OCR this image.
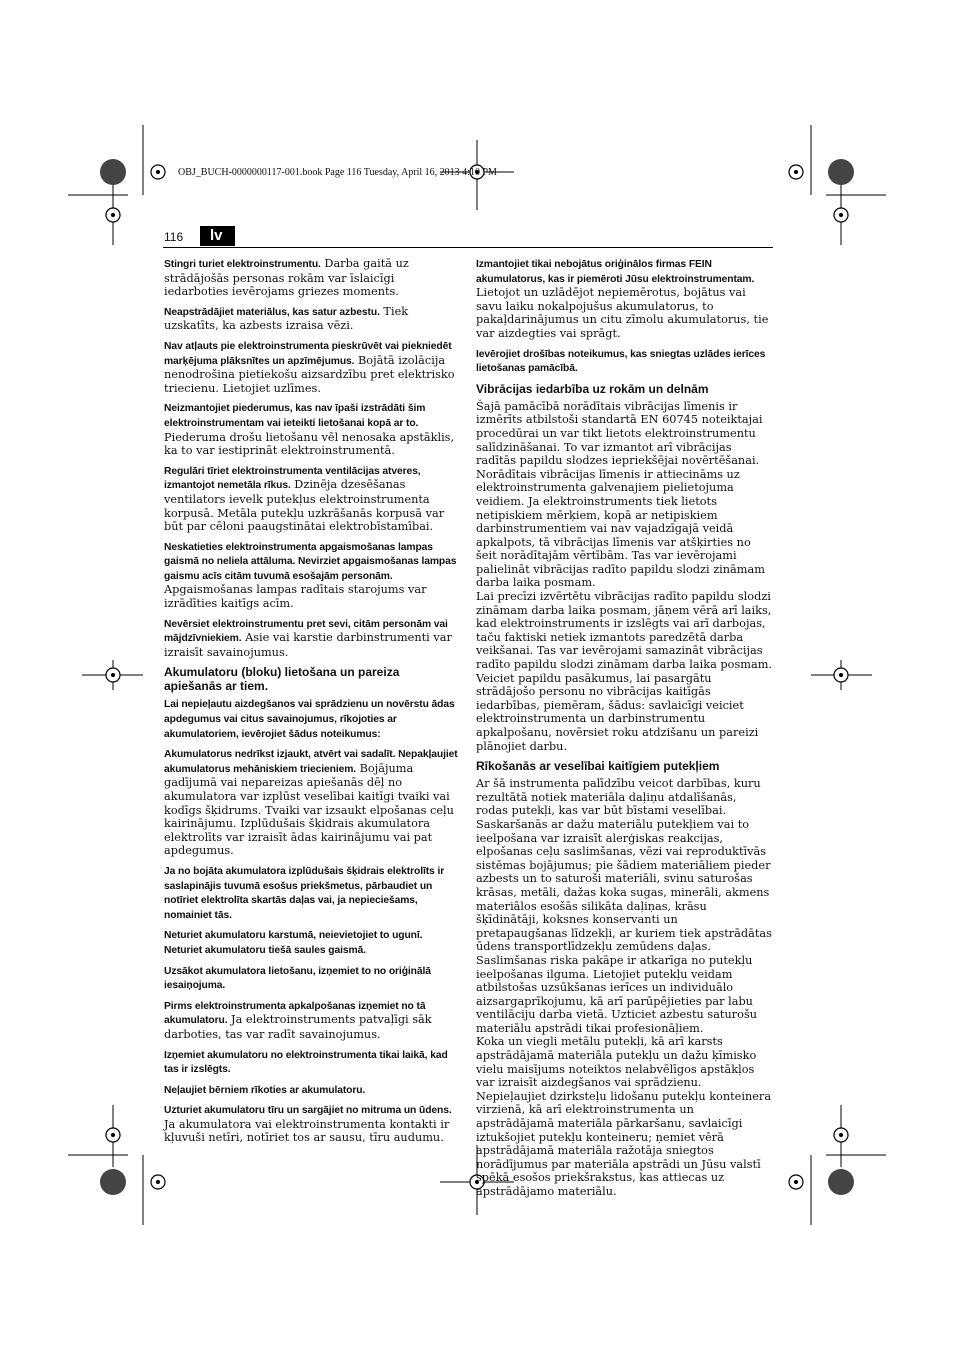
OBJ_BUCH-0000000117-001.book Page 116 Tuesday, April 16, 2013 4:10 PM
116	lv

Stingri turiet elektroinstrumentu. Darba gaitā uz strādājošās personas rokām var īslaicīgi iedarboties ievērojams griezes moments.

Neapstrādājiet materiālus, kas satur azbestu. Tiek uzskatīts, ka azbests izraisa vēzi.

Nav atļauts pie elektroinstrumenta pieskrūvēt vai piekniedēt marķējuma plāksnītes un apzīmējumus. Bojātā izolācija nenodrošina pietiekošu aizsardzību pret elektrisko triecienu. Lietojiet uzlīmes.

Neizmantojiet piederumus, kas nav īpaši izstrādāti šim elektroinstrumentam vai ieteikti lietošanai kopā ar to. Piederuma drošu lietošanu vēl nenosaka apstāklis, ka to var iestiprināt elektroinstrumentā.

Regulāri tīriet elektroinstrumenta ventilācijas atveres, izmantojot nemetāla rīkus. Dzinēja dzesēšanas ventilators ievelk putekļus elektroinstrumenta korpusā. Metāla putekļu uzkrāšanās korpusā var būt par cēloni paaugstinātai elektrobīstamībai.

Neskatieties elektroinstrumenta apgaismošanas lampas gaismā no neliela attāluma. Nevirziet apgaismošanas lampas gaismu acīs citām tuvumā esošajām personām. Apgaismošanas lampas radītais starojums var izrādīties kaitīgs acīm.

Nevērsiet elektroinstrumentu pret sevi, citām personām vai mājdzīvniekiem. Asie vai karstie darbinstrumenti var izraisīt savainojumus.

Akumulatoru (bloku) lietošana un pareiza apiešanās ar tiem.

Lai nepieļautu aizdegšanos vai sprādzienu un novērstu ādas apdegumus vai citus savainojumus, rīkojoties ar akumulatoriem, ievērojiet šādus noteikumus:

Akumulatorus nedrīkst izjaukt, atvērt vai sadalīt. Nepakļaujiet akumulatorus mehāniskiem triecieniem. Bojājuma gadījumā vai nepareizas apiešanās dēļ no akumulatora var izplūst veselībai kaitīgi tvaiki vai kodīgs šķidrums. Tvaiki var izsaukt elpošanas ceļu kairinājumu. Izplūdušais šķidrais akumulatora elektrolīts var izraisīt ādas kairinājumu vai pat apdegumus.

Ja no bojāta akumulatora izplūdušais šķidrais elektrolīts ir saslapinājis tuvumā esošus priekšmetus, pārbaudiet un notīriet elektrolīta skartās daļas vai, ja nepieciešams, nomainiet tās.

Neturiet akumulatoru karstumā, neievietojiet to ugunī. Neturiet akumulatoru tiešā saules gaismā.

Uzsākot akumulatora lietošanu, izņemiet to no oriģinālā iesaiņojuma.

Pirms elektroinstrumenta apkalpošanas izņemiet no tā akumulatoru. Ja elektroinstruments patvaļīgi sāk darboties, tas var radīt savainojumus.

Izņemiet akumulatoru no elektroinstrumenta tikai laikā, kad tas ir izslēgts.

Neļaujiet bērniem rīkoties ar akumulatoru.

Uzturiet akumulatoru tīru un sargājiet no mitruma un ūdens. Ja akumulatora vai elektroinstrumenta kontakti ir kļuvuši netīri, notīriet tos ar sausu, tīru audumu.

Izmantojiet tikai nebojātus oriģinālos firmas FEIN akumulatorus, kas ir piemēroti Jūsu elektroinstrumentam. Lietojot un uzlādējot nepiemērotus, bojātus vai savu laiku nokalpojušus akumulatorus, to pakaļdarinājumus un citu zīmolu akumulatorus, tie var aizdegties vai sprāgt.

Ievērojiet drošības noteikumus, kas sniegtas uzlādes ierīces lietošanas pamācībā.

Vibrācijas iedarbība uz rokām un delnām

Šajā pamācībā norādītais vibrācijas līmenis ir izmērīts atbilstoši standartā EN 60745 noteiktajai procedūrai un var tikt lietots elektroinstrumentu salīdzināšanai. To var izmantot arī vibrācijas radītās papildu slodzes iepriekšējai novērtēšanai.

Norādītais vibrācijas līmenis ir attiecināms uz elektroinstrumenta galvenajiem pielietojuma veidiem. Ja elektroinstruments tiek lietots netipiskiem mērķiem, kopā ar netipiskiem darbinstrumentiem vai nav vajadzīgajā veidā apkalpots, tā vibrācijas līmenis var atšķirties no šeit norādītajām vērtībām. Tas var ievērojami palielināt vibrācijas radīto papildu slodzi zināmam darba laika posmam.

Lai precīzi izvērtētu vibrācijas radīto papildu slodzi zināmam darba laika posmam, jāņem vērā arī laiks, kad elektroinstruments ir izslēgts vai arī darbojas, taču faktiski netiek izmantots paredzētā darba veikšanai. Tas var ievērojami samazināt vibrācijas radīto papildu slodzi zināmam darba laika posmam.

Veiciet papildu pasākumus, lai pasargātu strādājošo personu no vibrācijas kaitīgās iedarbības, piemēram, šādus: savlaicīgi veiciet elektroinstrumenta un darbinstrumentu apkalpošanu, novērsiet roku atdzišanu un pareizi plānojiet darbu.

Rīkošanās ar veselībai kaitīgiem putekļiem

Ar šā instrumenta palīdzību veicot darbības, kuru rezultātā notiek materiāla daļiņu atdalīšanās, rodas putekļi, kas var būt bīstami veselībai.

Saskaršanās ar dažu materiālu putekļiem vai to ieelpošana var izraisīt alerģiskas reakcijas, elpošanas ceļu saslimšanas, vēzi vai reproduktīvās sistēmas bojājumus; pie šādiem materiāliem pieder azbests un to saturoši materiāli, svinu saturošas krāsas, metāli, dažas koka sugas, minerāli, akmens materiālos esošās silikāta daļiņas, krāsu šķīdinātāji, koksnes konservanti un pretapaugšanas līdzekļi, ar kuriem tiek apstrādātas ūdens transportlīdzekļu zemūdens daļas. Saslimšanas riska pakāpe ir atkarīga no putekļu ieelpošanas ilguma. Lietojiet putekļu veidam atbilstošas uzsūkšanas ierīces un individuālo aizsargaprīkojumu, kā arī parūpējieties par labu ventilāciju darba vietā. Uzticiet azbestu saturošu materiālu apstrādi tikai profesionāļiem.

Koka un viegli metālu putekļi, kā arī karsts apstrādājamā materiāla putekļu un dažu ķīmisko vielu maisījums noteiktos nelabvēlīgos apstākļos var izraisīt aizdegšanos vai sprādzienu. Nepieļaujiet dzirksteļu lidošanu putekļu konteinera virzienā, kā arī elektroinstrumenta un apstrādājamā materiāla pārkaršanu, savlaicīgi iztukšojiet putekļu konteineru; ņemiet vērā apstrādājamā materiāla ražotāja sniegtos norādījumus par materiāla apstrādi un Jūsu valstī spēkā esošos priekšrakstus, kas attiecas uz apstrādājamo materiālu.
